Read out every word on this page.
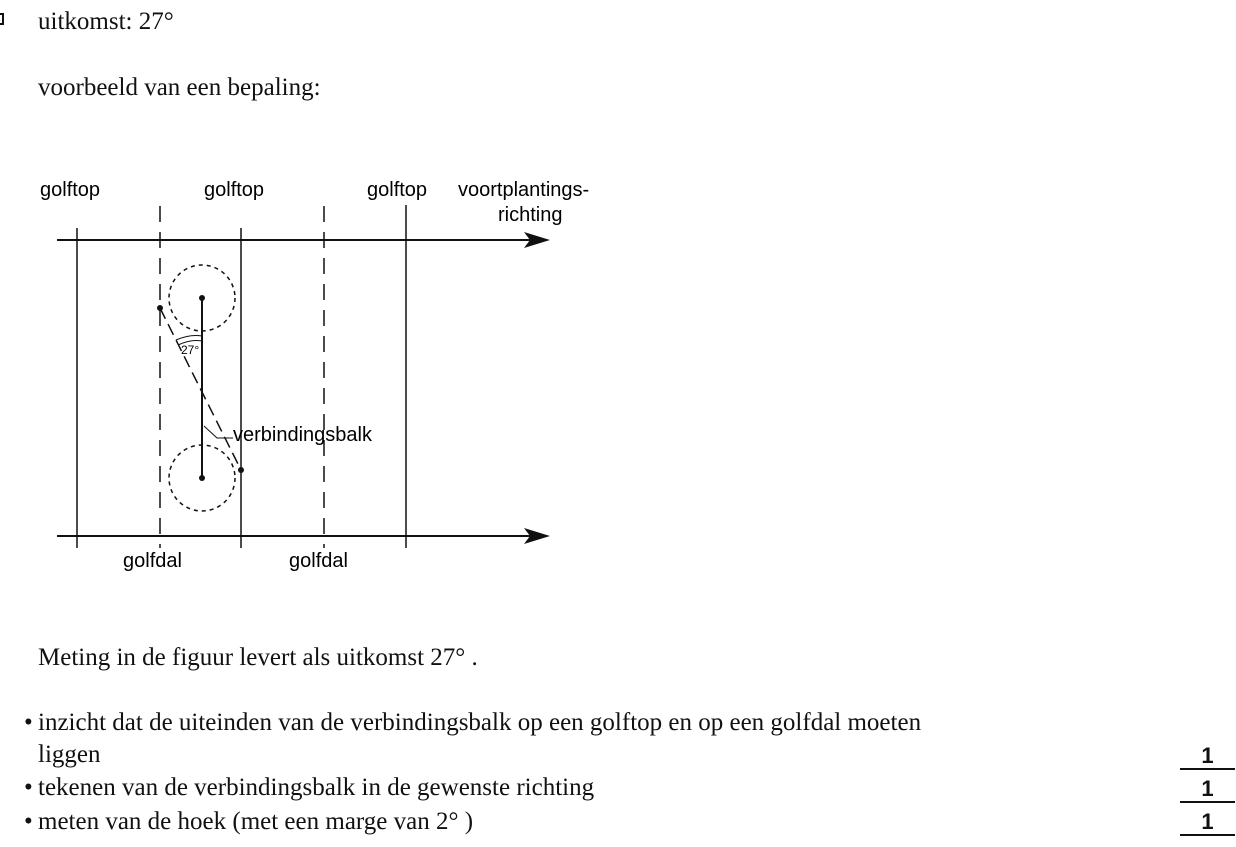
uitkomst: 27°
voorbeeld van een bepaling:
golftop	golftop	golftop voortplantings-
richting
golfdal	golfdal
27°
verbindingsbalk
Meting in de figuur levert als uitkomst 27° .
• inzicht dat de uiteinden van de verbindingsbalk op een golftop en op een golfdal moeten
liggen	1
• tekenen van de verbindingsbalk in de gewenste richting	1
• meten van de hoek (met een marge van 2° )	1
